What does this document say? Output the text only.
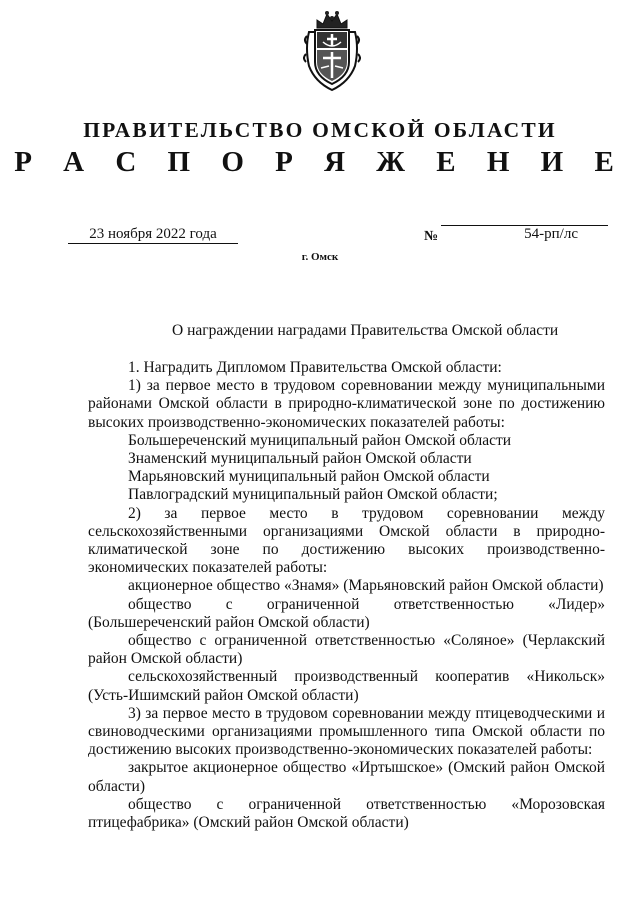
ПРАВИТЕЛЬСТВО ОМСКОЙ ОБЛАСТИ
Р А С П О Р Я Ж Е Н И Е
23 ноября 2022 года	№	54-рп/лс
г. Омск
О награждении наградами Правительства Омской области

1. Наградить Дипломом Правительства Омской области:

1) за первое место в трудовом соревновании между муниципальными районами Омской области в природно-климатической зоне по достижению высоких производственно-экономических показателей работы:

Большереченский муниципальный район Омской области

Знаменский муниципальный район Омской области

Марьяновский муниципальный район Омской области

Павлоградский муниципальный район Омской области;

2) за первое место в трудовом соревновании между сельскохозяйственными организациями Омской области в природно-климатической зоне по достижению высоких производственно-экономических показателей работы:

акционерное общество «Знамя» (Марьяновский район Омской области)

общество с ограниченной ответственностью «Лидер» (Большереченский район Омской области)

общество с ограниченной ответственностью «Соляное» (Черлакский район Омской области)

сельскохозяйственный производственный кооператив «Никольск» (Усть-Ишимский район Омской области)

3) за первое место в трудовом соревновании между птицеводческими и свиноводческими организациями промышленного типа Омской области по достижению высоких производственно-экономических показателей работы:

закрытое акционерное общество «Иртышское» (Омский район Омской области)

общество с ограниченной ответственностью «Морозовская птицефабрика» (Омский район Омской области)
